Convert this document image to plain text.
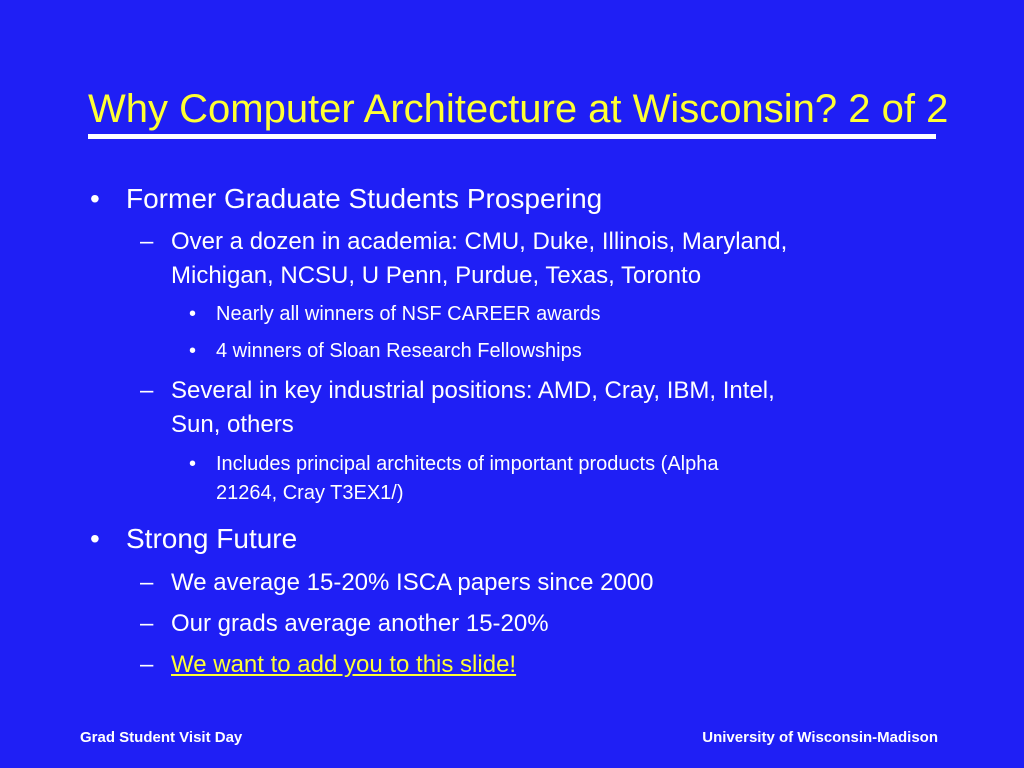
Why Computer Architecture at Wisconsin? 2 of 2
• Former Graduate Students Prospering
– Over a dozen in academia: CMU, Duke, Illinois, Maryland,
Michigan, NCSU, U Penn, Purdue, Texas, Toronto
• Nearly all winners of NSF CAREER awards
• 4 winners of Sloan Research Fellowships
– Several in key industrial positions: AMD, Cray, IBM, Intel,
Sun, others
• Includes principal architects of important products (Alpha
21264, Cray T3EX1/)
• Strong Future
– We average 15-20% ISCA papers since 2000
– Our grads average another 15-20%
– We want to add you to this slide!
Grad Student Visit Day	University of Wisconsin-Madison
